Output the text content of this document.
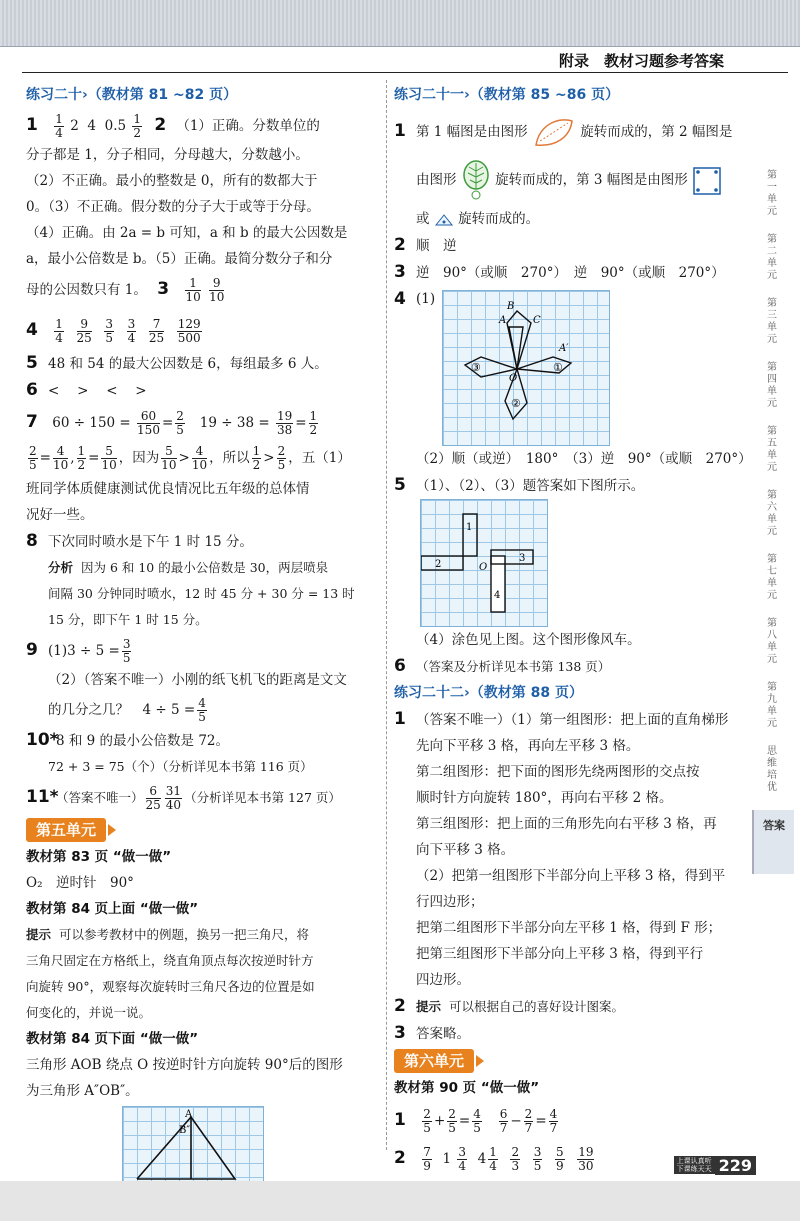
附录　教材习题参考答案
练习二十›（教材第 81 ~82 页）
$1 \frac{1}{4} 2$ 4 $0.5 \frac{1}{2} 2$ （1）正确。分数单位的
分子都是 1，分子相同，分母越大，分数越小。
（2）不正确。最小的整数是 0，所有的数都大于
0。（3）不正确。假分数的分子大于或等于分母。
（4）正确。由 2a = b 可知，a 和 b 的最大公因数是
a，最小公倍数是 b。（5）正确。最简分数分子和分
母的公因数只有 1。 $3 \frac{1}{10}$
$\frac{9}{10}$
$4 \frac{1}{4}$
$\frac{9}{25}$
$\frac{3}{5}$
$\frac{3}{4}$
$\frac{7}{25}$
$\frac{129}{500}$
5 48 和 54 的最大公因数是 6，每组最多 6 人。
6 <　 >　 <　 >
7 $60 \div 150 = \frac{60}{150} = \frac{2}{5} 19 \div 38 = \frac{19}{38} = \frac{1}{2}$
$\frac{2}{5} = \frac{4}{10}$ , $\frac{1}{2} = \frac{5}{10}$ ，因为 $\frac{5}{10} > \frac{4}{10}$ ，所以 $\frac{1}{2} > \frac{2}{5}$ ，五（1）
班同学体质健康测试优良情况比五年级的总体情
况好一些。
8 下次同时喷水是下午 1 时 15 分。
分析 因为 6 和 10 的最小公倍数是 30，两层喷泉
间隔 30 分钟同时喷水，12 时 45 分 + 30 分 = 13 时
15 分，即下午 1 时 15 分。
9 $(1)3 \div 5 = \frac{3}{5}$
（2）（答案不唯一）小刚的纸飞机飞的距离是文文
的几分之几？　$4 \div 5 = \frac{4}{5}$
10*8 和 9 的最小公倍数是 72。
72 + 3 = 75（个）（分析详见本书第 116 页）
11*（答案不唯一） $\frac{6}{25} \frac{31}{40}$ （分析详见本书第 127 页）
第五单元
教材第 83 页 “做一做”
O₂　逆时针　90°
教材第 84 页上面 “做一做”
提示 可以参考教材中的例题，换另一把三角尺，将
三角尺固定在方格纸上，绕直角顶点每次按逆时针方
向旋转 90°，观察每次旋转时三角尺各边的位置是如
何变化的，并说一说。
教材第 84 页下面 “做一做”
三角形 AOB 绕点 O 按逆时针方向旋转 90°后的图形
为三角形 A″OB″。
A
B″
练习二十一›（教材第 85 ~86 页）
1 第 1 幅图是由图形	旋转而成的，第 2 幅图是
由图形	旋转而成的，第 3 幅图是由图形
或 旋转而成的。
2 顺　逆
3 逆　90°（或顺　270°）　逆　90°（或顺　270°）
4 (1)
A
B
C
A′
O
①
②
③
（2）顺（或逆）　180°　（3）逆　90°（或顺　270°）
5 （1）、（2）、（3）题答案如下图所示。
1
2
3
4
O
（4）涂色见上图。这个图形像风车。
6 （答案及分析详见本书第 138 页）
练习二十二›（教材第 88 页）
1 （答案不唯一）（1）第一组图形：把上面的直角梯形
先向下平移 3 格，再向左平移 3 格。
第二组图形：把下面的图形先绕两图形的交点按
顺时针方向旋转 180°，再向右平移 2 格。
第三组图形：把上面的三角形先向右平移 3 格，再
向下平移 3 格。
（2）把第一组图形下半部分向上平移 3 格，得到平
行四边形；
把第二组图形下半部分向左平移 1 格，得到 F 形；
把第三组图形下半部分向上平移 3 格，得到平行
四边形。
2 提示 可以根据自己的喜好设计图案。
3 答案略。
第六单元
教材第 90 页 “做一做”
$1 \frac{2}{5} + \frac{2}{5} = \frac{4}{5}$
$\frac{6}{7} - \frac{2}{7} = \frac{4}{7}$
$2 \frac{7}{9} 1 \frac{3}{4} 4 \frac{1}{4}$
$\frac{2}{3}$
$\frac{3}{5}$
$\frac{5}{9}$
$\frac{19}{30}$
第一单元
第二单元
第三单元
第四单元
第五单元
第六单元
第七单元
第八单元
第九单元
思维培优
答案
上课认真听
下课练天天 229
